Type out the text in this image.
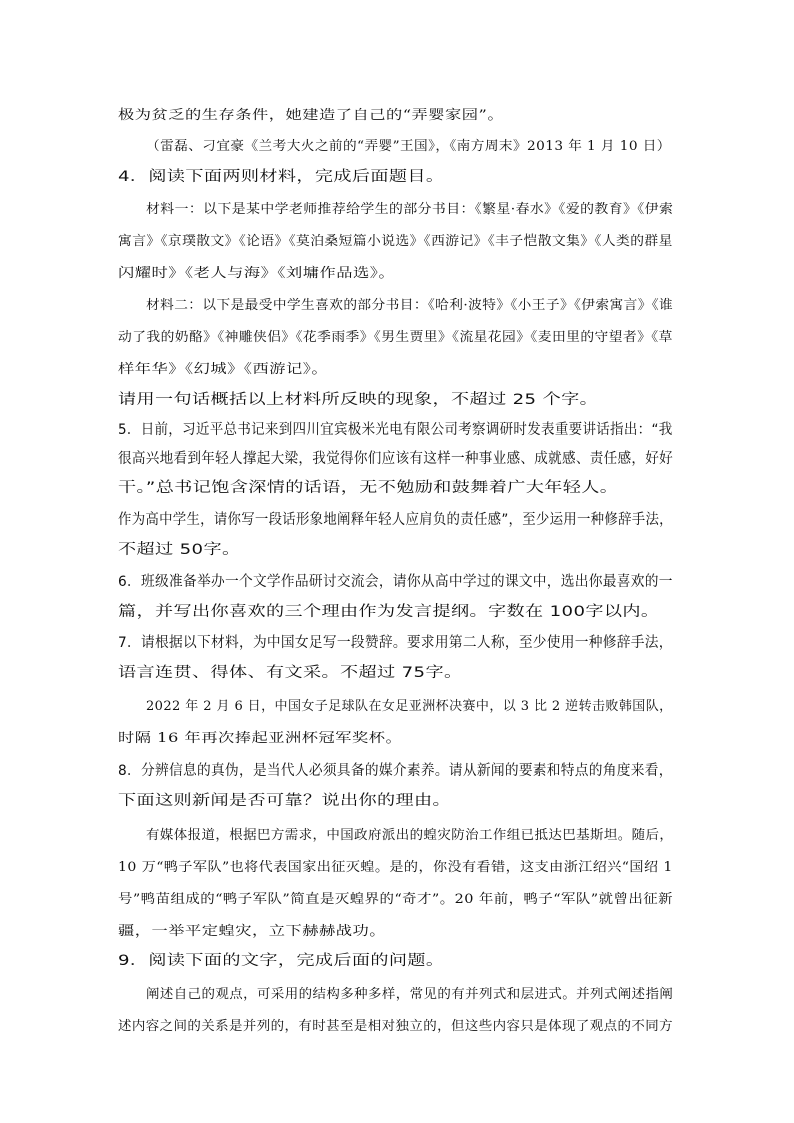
极为贫乏的生存条件，她建造了自己的“弄婴家园”。
（雷磊、刁宜豪《兰考大火之前的“弄婴”王国》，《南方周末》2013 年 1 月 10 日）
4．阅读下面两则材料，完成后面题目。
材料一：以下是某中学老师推荐给学生的部分书目：《繁星·春水》《爱的教育》《伊索
寓言》《京璞散文》《论语》《莫泊桑短篇小说选》《西游记》《丰子恺散文集》《人类的群星
闪耀时》《老人与海》《刘墉作品选》。
材料二：以下是最受中学生喜欢的部分书目：《哈利·波特》《小王子》《伊索寓言》《谁
动了我的奶酪》《神雕侠侣》《花季雨季》《男生贾里》《流星花园》《麦田里的守望者》《草
样年华》《幻城》《西游记》。
请用一句话概括以上材料所反映的现象，不超过 25 个字。
5．日前，习近平总书记来到四川宜宾极米光电有限公司考察调研时发表重要讲话指出：“我
很高兴地看到年轻人撑起大梁，我觉得你们应该有这样一种事业感、成就感、责任感，好好
干。”总书记饱含深情的话语，无不勉励和鼓舞着广大年轻人。
作为高中学生，请你写一段话形象地阐释年轻人应肩负的责任感”，至少运用一种修辞手法，
不超过 50字。
6．班级准备举办一个文学作品研讨交流会，请你从高中学过的课文中，选出你最喜欢的一
篇，并写出你喜欢的三个理由作为发言提纲。字数在 100字以内。
7．请根据以下材料，为中国女足写一段赞辞。要求用第二人称，至少使用一种修辞手法，
语言连贯、得体、有文采。不超过 75字。
2022 年 2 月 6 日，中国女子足球队在女足亚洲杯决赛中，以 3 比 2 逆转击败韩国队，
时隔 16 年再次捧起亚洲杯冠军奖杯。
8．分辨信息的真伪，是当代人必须具备的媒介素养。请从新闻的要素和特点的角度来看，
下面这则新闻是否可靠？说出你的理由。
有媒体报道，根据巴方需求，中国政府派出的蝗灾防治工作组已抵达巴基斯坦。随后，
10 万“鸭子军队”也将代表国家出征灭蝗。是的，你没有看错，这支由浙江绍兴“国绍 1
号”鸭苗组成的“鸭子军队”简直是灭蝗界的“奇才”。20 年前，鸭子“军队”就曾出征新
疆，一举平定蝗灾，立下赫赫战功。
9．阅读下面的文字，完成后面的问题。
阐述自己的观点，可采用的结构多种多样，常见的有并列式和层进式。并列式阐述指阐
述内容之间的关系是并列的，有时甚至是相对独立的，但这些内容只是体现了观点的不同方
